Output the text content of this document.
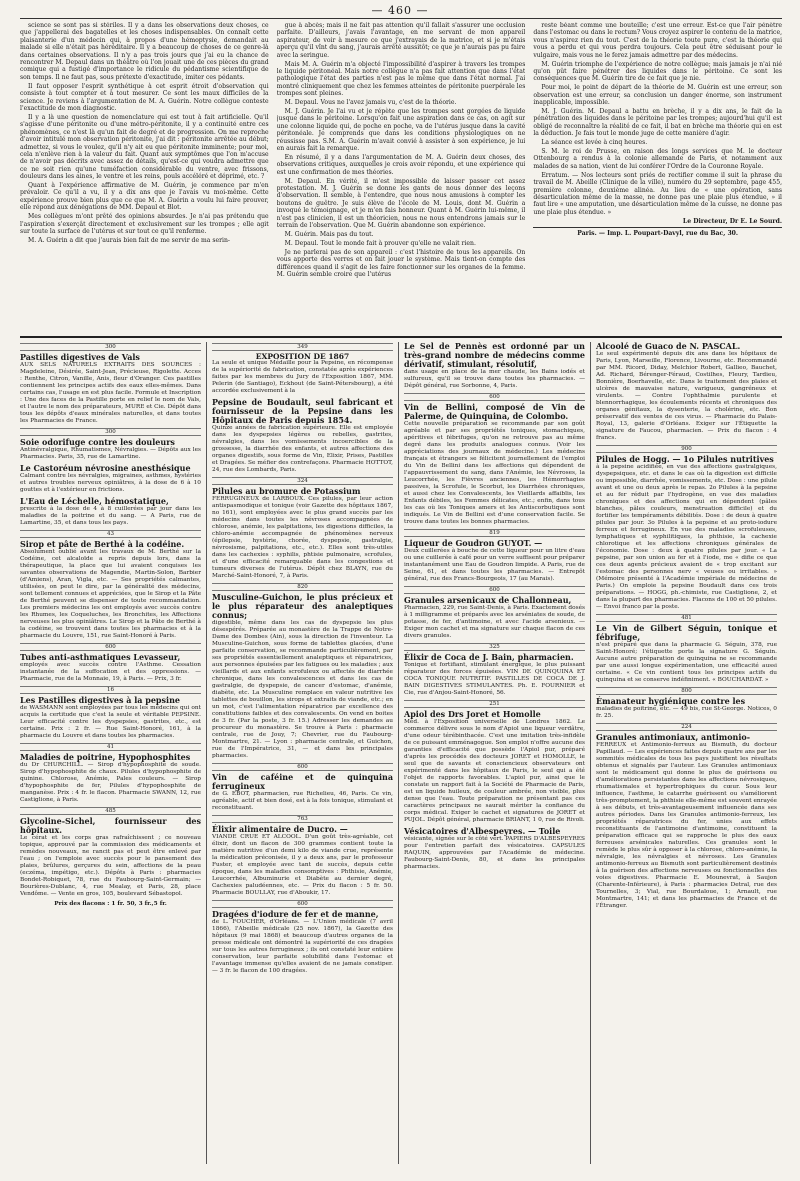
— 460 —

science se sont pas si stériles. Il y a dans les observations deux choses, ce que j'appellerai des bagatelles et les choses indispensables. On connaît cette plaisanterie d'un médecin qui, à propos d'une hémoptysie, demandait au malade si elle n'était pas héréditaire. Il y a beaucoup de choses de ce genre-là dans certaines observations. Il n'y a pas trois jours que j'ai eu la chance de rencontrer M. Depaul dans un théâtre où l'on jouait une de ces pièces du grand comique qui a fustigé d'importance le ridicule du pédantisme scientifique de son temps. Il ne faut pas, sous prétexte d'exactitude, imiter ces pédants.

Il faut opposer l'esprit synthétique à cet esprit étroit d'observation qui consiste à tout compter et à tout mesurer. Ce sont les maux difficiles de la science. Je reviens à l'argumentation de M. A. Guérin. Notre collègue conteste l'exactitude de mon diagnostic.

Il y a là une question de nomenclature qui est tout à fait artificielle. Qu'il s'agisse d'une péritonite ou d'une métro-péritonite, il y a continuité entre ces phénomènes, ce n'est là qu'un fait de degré et de progression. On me reproche d'avoir intitulé mon observation péritonite, j'ai dit : péritonite arrêtée au début; admettez, si vous le voulez, qu'il n'y ait eu que péritonite imminente; pour moi, cela n'enlève rien à la valeur du fait. Quant aux symptômes que l'on m'accuse de n'avoir pas décrits avec assez de détails, qu'est-ce qui voudra admettre que ce ne soit rien qu'une tuméfaction considérable du ventre, avec frissons, douleurs dans les aines, le ventre et les reins, pouls accéléré et déprimé, etc. ?

Quant à l'expérience affirmative de M. Guérin, je commence par m'en prévaloir. Ce qu'il a vu, il y a dix ans que je l'avais vu moi-même. Cette expérience prouve bien plus que ce que M. A. Guérin a voulu lui faire prouver, elle répond aux dénégations de MM. Depaul et Blot.

Mes collègues m'ont prêté des opinions absurdes. Je n'ai pas prétendu que l'aspiration s'exerçât directement et exclusivement sur les trompes ; elle agit sur toute la surface de l'utérus et sur tout ce qu'il renferme.

M. A. Guérin a dit que j'aurais bien fait de me servir de ma serin-

gue à abcès; mais il ne fait pas attention qu'il fallait s'assurer une occlusion parfaite. D'ailleurs, j'avais l'avantage, en me servant de mon appareil aspirateur, de voir à mesure ce que j'extrayais de la matrice, et si je m'étais aperçu qu'il vînt du sang, j'aurais arrêté aussitôt; ce que je n'aurais pas pu faire avec la seringue.

Mais M. A. Guérin m'a objecté l'impossibilité d'aspirer à travers les trompes le liquide péritonéal. Mais notre collègue n'a pas fait attention que dans l'état pathologique l'état des parties n'est pas le même que dans l'état normal. J'ai montré cliniquement que chez les femmes atteintes de péritonite puerpérale les trompes sont pleines.

M. Depaul. Vous ne l'avez jamais vu, c'est de la théorie.

M. J. Guérin. Je l'ai vu et je répète que les trompes sont gorgées de liquide jusque dans le péritoine. Lorsqu'on fait une aspiration dans ce cas, on agit sur une colonne liquide qui, de poche en poche, va de l'utérus jusque dans la cavité péritonéale. Je comprends que dans les conditions physiologiques on ne réussisse pas. S.M. A. Guérin m'avait convié à assister à son expérience, je lui en aurais fait la remarque.

En résumé, il y a dans l'argumentation de M. A. Guérin deux choses, des observations critiques, auxquelles je crois avoir répondu, et une expérience qui est une confirmation de mes théories.

M. Depaul. En vérité, il m'est impossible de laisser passer cet assez protestation. M. J. Guérin se donne les gants de nous donner des leçons d'observation. Il semble, à l'entendre, que nous nous amusions à compter les boutons de guêtre. Je suis élève de l'école de M. Louis, dont M. Guérin a invoqué le témoignage, et je m'en fais honneur. Quant à M. Guérin lui-même, il n'est pas clinicien, il est un théoricien, nous ne nous entendrons jamais sur le terrain de l'observation. Que M. Guérin abandonne son expérience.

M. Guérin. Mais pas du tout.

M. Depaul. Tout le monde fait à prouver qu'elle ne valait rien.

Je ne parlerai pas de son appareil : c'est l'histoire de tous les appareils. On vous apporte des verres et on fait jouer le système. Mais tient-on compte des différences quand il s'agit de les faire fonctionner sur les organes de la femme. M. Guérin semble croire que l'utérus

reste béant comme une bouteille; c'est une erreur. Est-ce que l'air pénètre dans l'estomac ou dans le rectum? Vous croyez aspirer le contenu de la matrice, vous n'aspirez rien du tout. C'est de la théorie toute pure, c'est la théorie qui vous a perdu et qui vous perdra toujours. Cela peut être séduisant pour le vulgaire, mais vous ne le ferez jamais admettre par des médecins.

M. Guérin triomphe de l'expérience de notre collègue; mais jamais je n'ai nié qu'on pût faire pénétrer des liquides dans le péritoine. Ce sont les conséquences que M. Guérin tire de ce fait que je nie.

Pour moi, le point de départ de la théorie de M. Guérin est une erreur, son observation est une erreur, sa conclusion un danger énorme, son instrument inapplicable, impossible.

M. J. Guérin. M. Depaul a battu en brèche, il y a dix ans, le fait de la pénétration des liquides dans le péritoine par les trompes; aujourd'hui qu'il est obligé de reconnaître la réalité de ce fait, il bat en brèche ma théorie qui en est la déduction. Je fais tout le monde juge de cette manière d'agir.

La séance est levée à cinq heures.

S. M. le roi de Prusse, en raison des longs services que M. le docteur Ottenbourg a rendus à la colonie allemande de Paris, et notamment aux malades de sa nation, vient de lui conférer l'Ordre de la Couronne Royale.

Erratum. — Nos lecteurs sont priés de rectifier comme il suit la phrase du travail de M. Abeille (Clinique de la ville), numéro du 29 septembre, page 455, première colonne, deuxième alinéa. Au lieu de « une opération, sans désarticulation même de la masse, ne donne pas une plaie plus étendue, » il faut lire « une amputation, une désarticulation même de la cuisse, ne donne pas une plaie plus étendue. »

Le Directeur, Dr E. Le Sourd.

Paris. — Imp. L. Poupart-Davyl, rue du Bac, 30.

300
Pastilles digestives de Vals
AUX SELS NATURELS EXTRAITS DES SOURCES : Magdeleine, Désirée, Saint-Jean, Précieuse, Rigolette. Acces : Renthe, Citron, Vanille, Anis, fleur d'Oranger. Ces pastilles contiennent les principes actifs des eaux elles-mêmes. Dans certains cas, l'usage en est plus facile. Formule et Inscription : Une des faces de la Pastille porte en relief le nom de Vals, et l'autre le nom des préparateurs, MURE et Cie. Dépôt dans tous les dépôts d'eaux minérales naturelles, et dans toutes les Pharmacies de France.
300
Soie odorifuge contre les douleurs
Antinévralgique, Rhumatismes, Névralgies. — Dépôts aux les Pharmacies. Paris, 35, rue de Lamartine.
Le Castoréum névrosine anesthésique
Calmant contre les névralgies, migraines, asthmes, hystéries et autres troubles nerveux opiniâtres, à la dose de 6 à 10 gouttes et à l'extérieur en frictions.
L'Eau de Léchelle, hémostatique,
prescrite à la dose de 4 à 8 cuillerées par jour dans les maladies de la poitrine et du sang. — A Paris, rue de Lamartine, 35, et dans tous les pays.
43
Sirop et pâte de Berthé à la codéine.
Absolument oublié avant les travaux de M. Berthé sur la Codéine, cet alcaloïde a repris depuis lors, dans la thérapeutique, la place que lui avaient conquises les savantes observations de Magendie, Martin-Solon, Barbier (d'Amiens), Aran, Vigla, etc. — Ses propriétés calmantes, utilisées, on peut le dire, par la généralité des médecins, sont tellement connues et appréciées, que le Sirop et la Pâte de Berthé peuvent se dispenser de toute recommandation. Les premiers médecins les ont employés avec succès contre les Rhumes, les Coqueluches, les Bronchites, les Affections nerveuses les plus opiniâtres. Le Sirop et la Pâte de Berthé à la codéine, se trouvent dans toutes les pharmacies et à la pharmacie du Louvre, 151, rue Saint-Honoré à Paris.
600
Tubes anti-asthmatiques Levasseur,
employés avec succès contre l'Asthme. Cessation instantanée de la suffocation et des oppressions. — Pharmacie, rue de la Monnaie, 19, à Paris. — Prix, 3 fr.
16
Les Pastilles digestives à la pepsine
de WASMANN sont employées par tous les médecins qui ont acquis la certitude que c'est la seule et véritable PEPSINE. Leur efficacité contre les dyspepsies, gastrites, etc., est certaine. Prix : 2 fr. — Rue Saint-Honoré, 161, à la pharmacie du Louvre et dans toutes les pharmacies.
41
Maladies de poitrine, Hypophosphites
du Dr CHURCHILL. — Sirop d'hypophosphite de soude. Sirop d'hypophosphite de chaux. Pilules d'hypophosphite de quinine. Chlorose, Anémie, Pales couleurs. — Sirop d'hypophosphite de fer, Pilules d'hypophosphite de manganèse. Prix : 4 fr. le flacon. Pharmacie SWANN, 12, rue Castiglione, à Paris.
485
Glycoline-Sichel, fournisseur des hôpitaux.
Le cérat et les corps gras rafraîchissent ; ce nouveau topique, approuvé par la commission des médicaments et remèdes nouveaux, ne rancit pas et peut être enlevé par l'eau ; on l'emploie avec succès pour le pansement des plaies, brûlures, gerçures du sein, affections de la peau (eczéma, impétigo, etc.). Dépôts à Paris : pharmacies Bondet-Robiquet, 78, rue du Faubourg-Saint-Germain; — Bourières-Dublanc, 4, rue Mealay, et Paris, 28, place Vendôme. — Vente en gros, 105, boulevard Sébastopol.
Prix des flacons : 1 fr. 50, 3 fr.,5 fr.
349
EXPOSITION DE 1867
La seule et unique Médaille pour la Pepsine, en récompense de la supériorité de fabrication, constatée après expériences faites par les membres du Jury de l'Exposition 1867, MM. Pelerin (de Santiago), Eckhout (de Saint-Pétersbourg), a été accordée exclusivement à la
Pepsine de Boudault, seul fabricant et fournisseur de la Pepsine dans les Hôpitaux de Paris depuis 1854.
Quinze années de fabrication supérieure. Elle est employée dans les dyspepsies légères ou rebelles, gastrites, névralgies, dans les vomissements incoercibles de la grossesse, la diarrhée des enfants, et autres affections des organes digestifs, sous forme de Vin, Elixir, Prises, Pastilles et Dragées. Se méfier des contrefaçons. Pharmacie HOTTOT, 24, rue des Lombards, Paris.
324
Pilules au bromure de Potassium
FERRUGINEUX de LARBOUX. Ces pilules, par leur action antispasmodique et tonique (voir Gazette des hôpitaux 1867, no 161), sont employées avec le plus grand succès par les médecins dans toutes les névroses accompagnées de chlorose, anémie, les palpitations, les digestions difficiles, la chloro-anémie accompagnée de phénomènes nerveux (épilepsie, hystérie, chorée, dyspepsie, gastralgie, névrosisme, palpitations, etc., etc.). Elles sont très-utiles dans les cachexies : syphilis, phtisie pulmonaire, scrofules, et d'une efficacité remarquable dans les congestions et tumeurs diverses de l'utérus. Dépôt chez BLAYN, rue du Marché-Saint-Honoré, 7, à Paris.
820
Musculine-Guichon, le plus précieux et le plus réparateur des analeptiques connus;
digestible, même dans les cas de dyspepsie les plus désespérés. Préparée au monastère de la Trappe de Notre-Dame des Dombes (Ain), sous la direction de l'inventeur. La Musculine-Guichon, sous forme de tablettes glacées, d'une parfaite conservation, se recommande particulièrement, par ses propriétés essentiellement analeptiques et réparatrices, aux personnes épuisées par les fatigues ou les maladies ; aux vieillards et aux enfants scrofuleux ou affectés de diarrhée chronique, dans les convalescences et dans les cas de gastralgie, de dyspepsie, de cancer d'estomac, d'anémie, diabète, etc. La Musculine remplace en valeur nutritive les tablettes de bouillon, les sirops et extraits de viande, etc.; en un mot, c'est l'alimentation réparatrice par excellence des constitutions faibles et des convalescents. On vend en boites de 3 fr. (Par la poste, 3 fr. 15.) Adresser les demandes au procureur du monastère. Se trouve à Paris : pharmacie centrale, rue de Jouy, 7; Chevrier, rue du Faubourg-Montmartre, 21. — Lyon : pharmacie centrale, et Guichon, rue de l'Impératrice, 31, — et dans les principales pharmacies.
600
Vin de caféine et de quinquina ferrugineux
de G. EBOT, pharmacien, rue Richelieu, 46, Paris. Ce vin, agréable, actif et bien dosé, est à la fois tonique, stimulant et reconstituant.
763
Élixir alimentaire de Ducro. —
VIANDE CRUE ET ALCOOL. D'un goût très-agréable, cet élixir, dont un flacon de 300 grammes contient toute la matière nutritive d'un demi kilo de viande crue, représente la médication préconisée, il y a deux ans, par le professeur Fuster, et employée avec tant de succès, depuis cette époque, dans les maladies consomptives : Phthisie, Anémie, Leucorrhée, Albuminurie et Diabète au dernier degré, Cachexies paludéennes, etc. — Prix du flacon : 5 fr. 50. Pharmacie BOULLAY, rue d'Aboukir, 17.
600
Dragées d'iodure de fer et de manne,
de L. FOUCHER, d'Orléans. — L'Union médicale (7 avril 1866), l'Abeille médicale (25 nov. 1867), la Gazette des hôpitaux (9 mai 1868) et beaucoup d'autres organes de la presse médicale ont démontré la supériorité de ces dragées sur tous les autres ferrugineux ; ils ont constaté leur entière conservation, leur parfaite solubilité dans l'estomac et l'avantage immense qu'elles avaient de ne jamais constiper. — 3 fr. le flacon de 100 dragées.
Le Sel de Pennès est ordonné par un très-grand nombre de médecins comme dérivatif, stimulant, résolutif,
dans usage en place de la mer chaude, les Bains iodés et sulfureux, qu'il se trouve dans toutes les pharmacies. — Dépôt général, rue Sorbonne, 4, Paris.
600
Vin de Bellini, composé de Vin de Palerme, de Quinquina, de Colombo.
Cette nouvelle préparation se recommande par son goût agréable et par ses propriétés toniques, stomachiques, apéritives et fébrifuges, qu'on ne retrouve pas au même degré dans les produits analogues connus. (Voir les appréciations des journaux de médecine.) Les médecins français et étrangers se félicitent journellement de l'emploi du Vin de Bellini dans les affections qui dépendent de l'appauvrissement du sang, dans l'Anémie, les Névroses, la Leucorrhée, les Fièvres anciennes, les Hémorrhagies passives, la Scrofule, le Scorbut, les Diarrhées chroniques, et aussi chez les Convalescents, les Vieillards affaiblis, les Enfants débiles, les Femmes délicates, etc.; enfin, dans tous les cas où les Toniques amers et les Antiscorbutiques sont indiqués. Le Vin de Bellini est d'une conservation facile. Se trouve dans toutes les bonnes pharmacies.
819
Liqueur de Goudron GUYOT. —
Deux cuillerées à bouche de cette liqueur pour un litre d'eau ou une cuillerée à café pour un verre suffisent pour préparer instantanément une Eau de Goudron limpide. A Paris, rue de Seine, 61, et dans toutes les pharmacies. — Entrepôt général, rue des Francs-Bourgeois, 17 (au Marais).
600
Granules arsenicaux de Challonneau,
Pharmacien, 229, rue Saint-Denis, à Paris. Exactement dosés à 1 milligramme et préparés avec les arséniates de soude, de potasse, de fer, d'antimoine, et avec l'acide arsenieux. — Exiger mon cachet et ma signature sur chaque flacon de ces divers granules.
325
Élixir de Coca de J. Bain, pharmacien.
Tonique et fortifiant, stimulant énergique, le plus puissant réparateur des forces épuisées. VIN DE QUINQUINA ET COCA TONIQUE NUTRITIF. PASTILLES DE COCA DE J. BAIN DIGESTIVES STIMULANTES. Ph. E. FOURNIER et Cie, rue d'Anjou-Saint-Honoré, 56.
251
Apiol des Drs Joret et Homolle
Méd. à l'Exposition universelle de Londres 1862. Le commerce délivre sous le nom d'Apiol une liqueur verdâtre, d'une odeur térébinthacée. C'est une imitation très-infidèle de ce puissant emménagogue. Son emploi n'offre aucune des garanties d'efficacité que possède l'Apiol pur, préparé d'après les procédés des docteurs JORET et HOMOLLE, le seul que de savants et consciencieux observateurs ont expérimenté dans les hôpitaux de Paris, le seul qui a été l'objet de rapports favorables. L'apiol pur, ainsi que le constate un rapport fait à la Société de Pharmacie de Paris, est un liquide huileux, de couleur ambrée, non visible, plus dense que l'eau. Toute préparation ne présentant pas ces caractères principaux ne saurait mériter la confiance du corps médical. Exiger le cachet et signatures de JORET et PUJOL. Dépôt général, pharmacie BRIANT, 1 0, rue de Rivoli.
Vésicatoires d'Albespeyres. — Toile
vésicante, signée sur le côté vert. PAPIERS D'ALBESPEYRES pour l'entretien parfait des vésicatoires. CAPSULES RAQUIN, approuvées par l'Académie de médecine. Faubourg-Saint-Denis, 80, et dans les principales pharmacies.
Alcoolé de Guaco de N. PASCAL.
Le seul expérimenté depuis dix ans dans les hôpitaux de Paris, Lyon, Marseille, Florence, Livourne, etc. Recommandé par MM. Ricord, Diday, Melchior Robert, Gallieo, Bauchet, Ad. Richard, Bérenger-Féraud, Costilhes, Fleury, Tardieu, Bonnière, Boerhavelle, etc. Dans le traitement des plaies et ulcères de mauvaise nature, varigueux, gangréneux et virulents. — Contre l'ophthalmie purulente et blennorrhagique, les écoulements récents et chroniques des organes génitaux, la dysenterie, la cholérine, etc. Bon préservatif des ventes de ces virus. — Pharmacie du Palais-Royal, 13, galerie d'Orléans. Exiger sur l'Étiquette la signature de Faucou, pharmacien. — Prix du flacon : 4 francs.
900
Pilules de Hogg. — 1o Pilules nutritives
à la pepsine acidifiée, en vue des affections gastralgiques, dyspepsiques, etc. et dans le cas où la digestion est difficile ou impossible, diarrhée, vomissements, etc. Dose : une pilule avant et une ou deux après le repas. 2o Pilules à la pepsine et au fer réduit par l'hydrogène, en vue des maladies chroniques et des affections qui en dépendent (pâles blanches, pâles couleurs, menstruation difficile) et du fortifier les tempéraments débilités. Dose : de deux à quatre pilules par jour. 3o Pilules à la pepsine et au proto-iodure ferreux et ferrugineux. En vue des maladies scrofuleuses, lymphatiques et syphilitiques, la phthisie, la cachexie chlorotique et les affections chroniques générales de l'économie. Dose : deux à quatre pilules par jour. « La pepsine, par son union au fer et à l'iode, me « difie ce que ces deux agents précieux avaient de « trop excitant sur l'estomac des personnes nerv « veuses ou irritables. » (Mémoire présenté à l'Académie impériale de médecine de Paris.) On emploie la pepsine Boudault dans ces trois préparations. — HOGG, ph.-chimiste, rue Castiglione, 2, et dans la plupart des pharmacies. Flacons de 100 et 50 pilules. — Envoi franco par la poste.
481
Le Vin de Gilbert Séguin, tonique et fébrifuge,
n'est préparé que dans la pharmacie G. Séguin, 378, rue Saint-Honoré; l'étiquette porte la signature G. Séguin. Aucune autre préparation de quinquina ne se recommande par une aussi longue expérimentation, une efficacité aussi certaine. « Ce vin contient tous les principes actifs du quinquina et se conserve indéfiniment. « BOUCHARDAT. »
800
Émanateur hygiénique contre les
maladies de poitrine, etc. — 49 bis, rue St-George. Notices, 0 fr. 25.
224
Granules antimoniaux, antimonio-
FERREUX et Antimonio-ferreux au Bismuth, du docteur Papillaud. — Les expériences faites depuis quatre ans par les sommités médicales de tous les pays justifient les résultats obtenus et signalés par l'auteur. Les Granules antimoniaux sont le médicament qui donne le plus de guérisons ou d'améliorations persistantes dans les affections névrosiques, rhumatismales et hypertrophiques du cœur. Sous leur influence, l'asthme, le catarrhe guérissent ou s'améliorent très-promptement, la phthisie elle-même est souvent enrayée à ses débuts, et très-avantageusement influencée dans ses autres périodes. Dans les Granules antimonio-ferreux, les propriétés réparatrices du fer, unies aux effets reconstituants de l'antimoine d'antimoine, constituent la préparation efficace qui se rapproche le plus des eaux ferreuses arsénicales naturelles. Ces granules sont le remède le plus sûr à opposer à la chlorose, chloro-anémie, la névralgie, les névralgies et névroses. Les Granules antimonio-ferreux au Bismuth sont particulièrement destinés à la guérison des affections nerveuses ou fonctionnelles des voies digestives. Pharmacie E. Mounevrat, à Saujon (Charente-Inférieure), à Paris : pharmacies Detral, rue des Tournelles, 3; Vial, rue Bourdaloue, 1; Arnault, rue Montmartre, 141; et dans les pharmacies de France et de l'Étranger.
